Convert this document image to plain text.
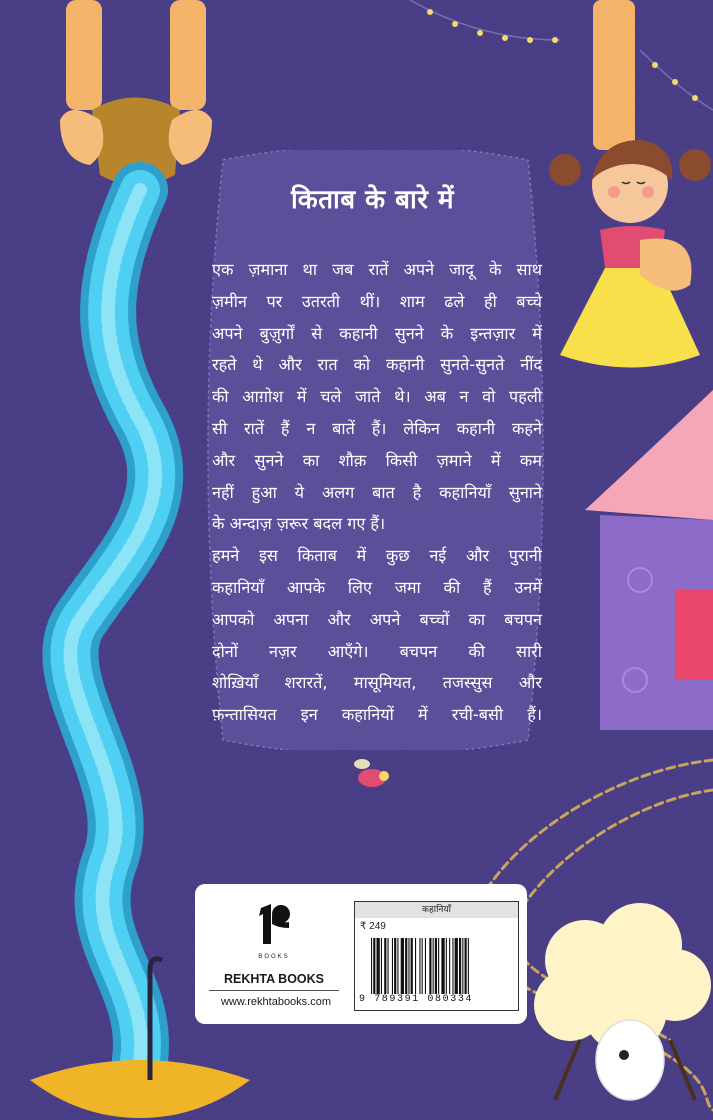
किताब के बारे में
एक ज़माना था जब रातें अपने जादू के साथ
ज़मीन पर उतरती थीं। शाम ढले ही बच्चे
अपने बुज़ुर्गों से कहानी सुनने के इन्तज़ार में
रहते थे और रात को कहानी सुनते-सुनते नींद
की आग़ोश में चले जाते थे। अब न वो पहली
सी रातें हैं न बातें हैं। लेकिन कहानी कहने
और सुनने का शौक़ किसी ज़माने में कम
नहीं हुआ ये अलग बात है कहानियाँ सुनाने
के अन्दाज़ ज़रूर बदल गए हैं।
हमने इस किताब में कुछ नई और पुरानी
कहानियाँ आपके लिए जमा की हैं उनमें
आपको अपना और अपने बच्चों का बचपन
दोनों नज़र आएँगे। बचपन की सारी
शोख़ियाँ शरारतें, मासूमियत, तजस्सुस और
फ़न्तासियत इन कहानियों में रची-बसी हैं।
BOOKS
REKHTA BOOKS
www.rekhtabooks.com
कहानियाँ
₹ 249
9 789391 080334
